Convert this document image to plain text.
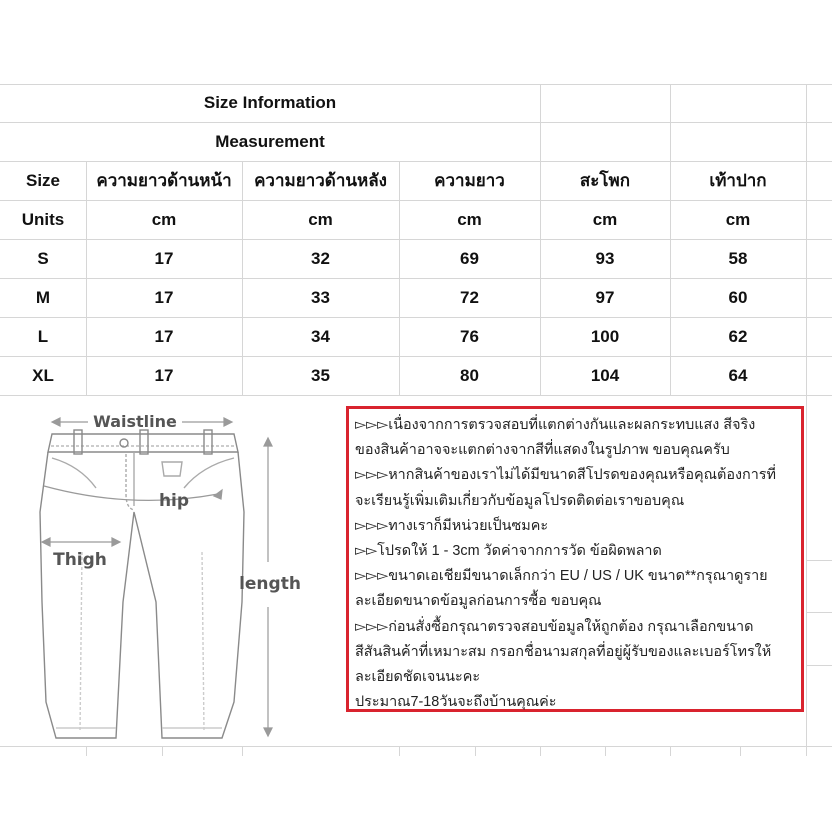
Size Information
Measurement
Size	ความยาวด้านหน้า	ความยาวด้านหลัง	ความยาว	สะโพก	เท้าปาก
Units	cm	cm	cm	cm	cm
S	17	32	69	93	58
M	17	33	72	97	60
L	17	34	76	100	62
XL	17	35	80	104	64
Waistline
hip
Thigh
length
▻▻▻เนื่องจากการตรวจสอบที่แตกต่างกันและผลกระทบแสง สีจริง
ของสินค้าอาจจะแตกต่างจากสีที่แสดงในรูปภาพ ขอบคุณครับ
▻▻▻หากสินค้าของเราไม่ได้มีขนาดสีโปรดของคุณหรือคุณต้องการที่
จะเรียนรู้เพิ่มเติมเกี่ยวกับข้อมูลโปรดติดต่อเราขอบคุณ
▻▻▻ทางเราก็มีหน่วยเป็นซมคะ
▻▻โปรดให้ 1 - 3cm วัดค่าจากการวัด ข้อผิดพลาด
▻▻▻ขนาดเอเชียมีขนาดเล็กกว่า EU / US / UK ขนาด**กรุณาดูราย
ละเอียดขนาดข้อมูลก่อนการซื้อ ขอบคุณ
▻▻▻ก่อนสั่งซื้อกรุณาตรวจสอบข้อมูลให้ถูกต้อง กรุณาเลือกขนาด
สีสันสินค้าที่เหมาะสม กรอกชื่อนามสกุลที่อยู่ผู้รับของและเบอร์โทรให้
ละเอียดชัดเจนนะคะ
ประมาณ7-18วันจะถึงบ้านคุณค่ะ
